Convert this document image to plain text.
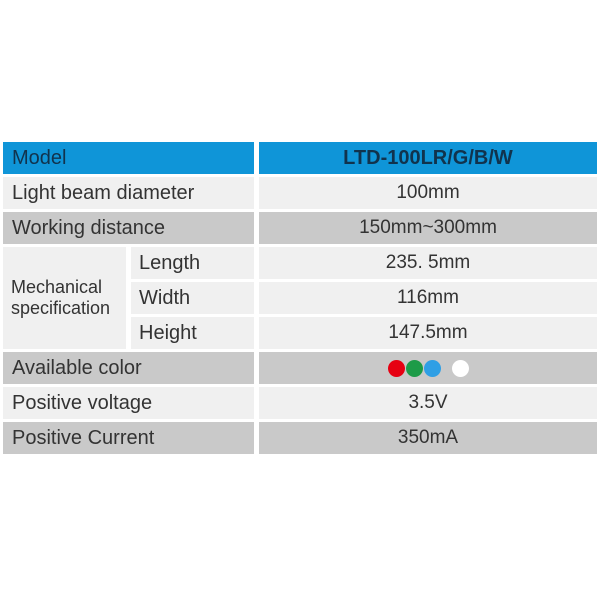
Model	LTD-100LR/G/B/W
Light beam diameter	100mm
Working distance	150mm~300mm
Mechanical
specification
Length	235. 5mm
Width	116mm
Height	147.5mm
Available color
Positive voltage	3.5V
Positive Current	350mA
